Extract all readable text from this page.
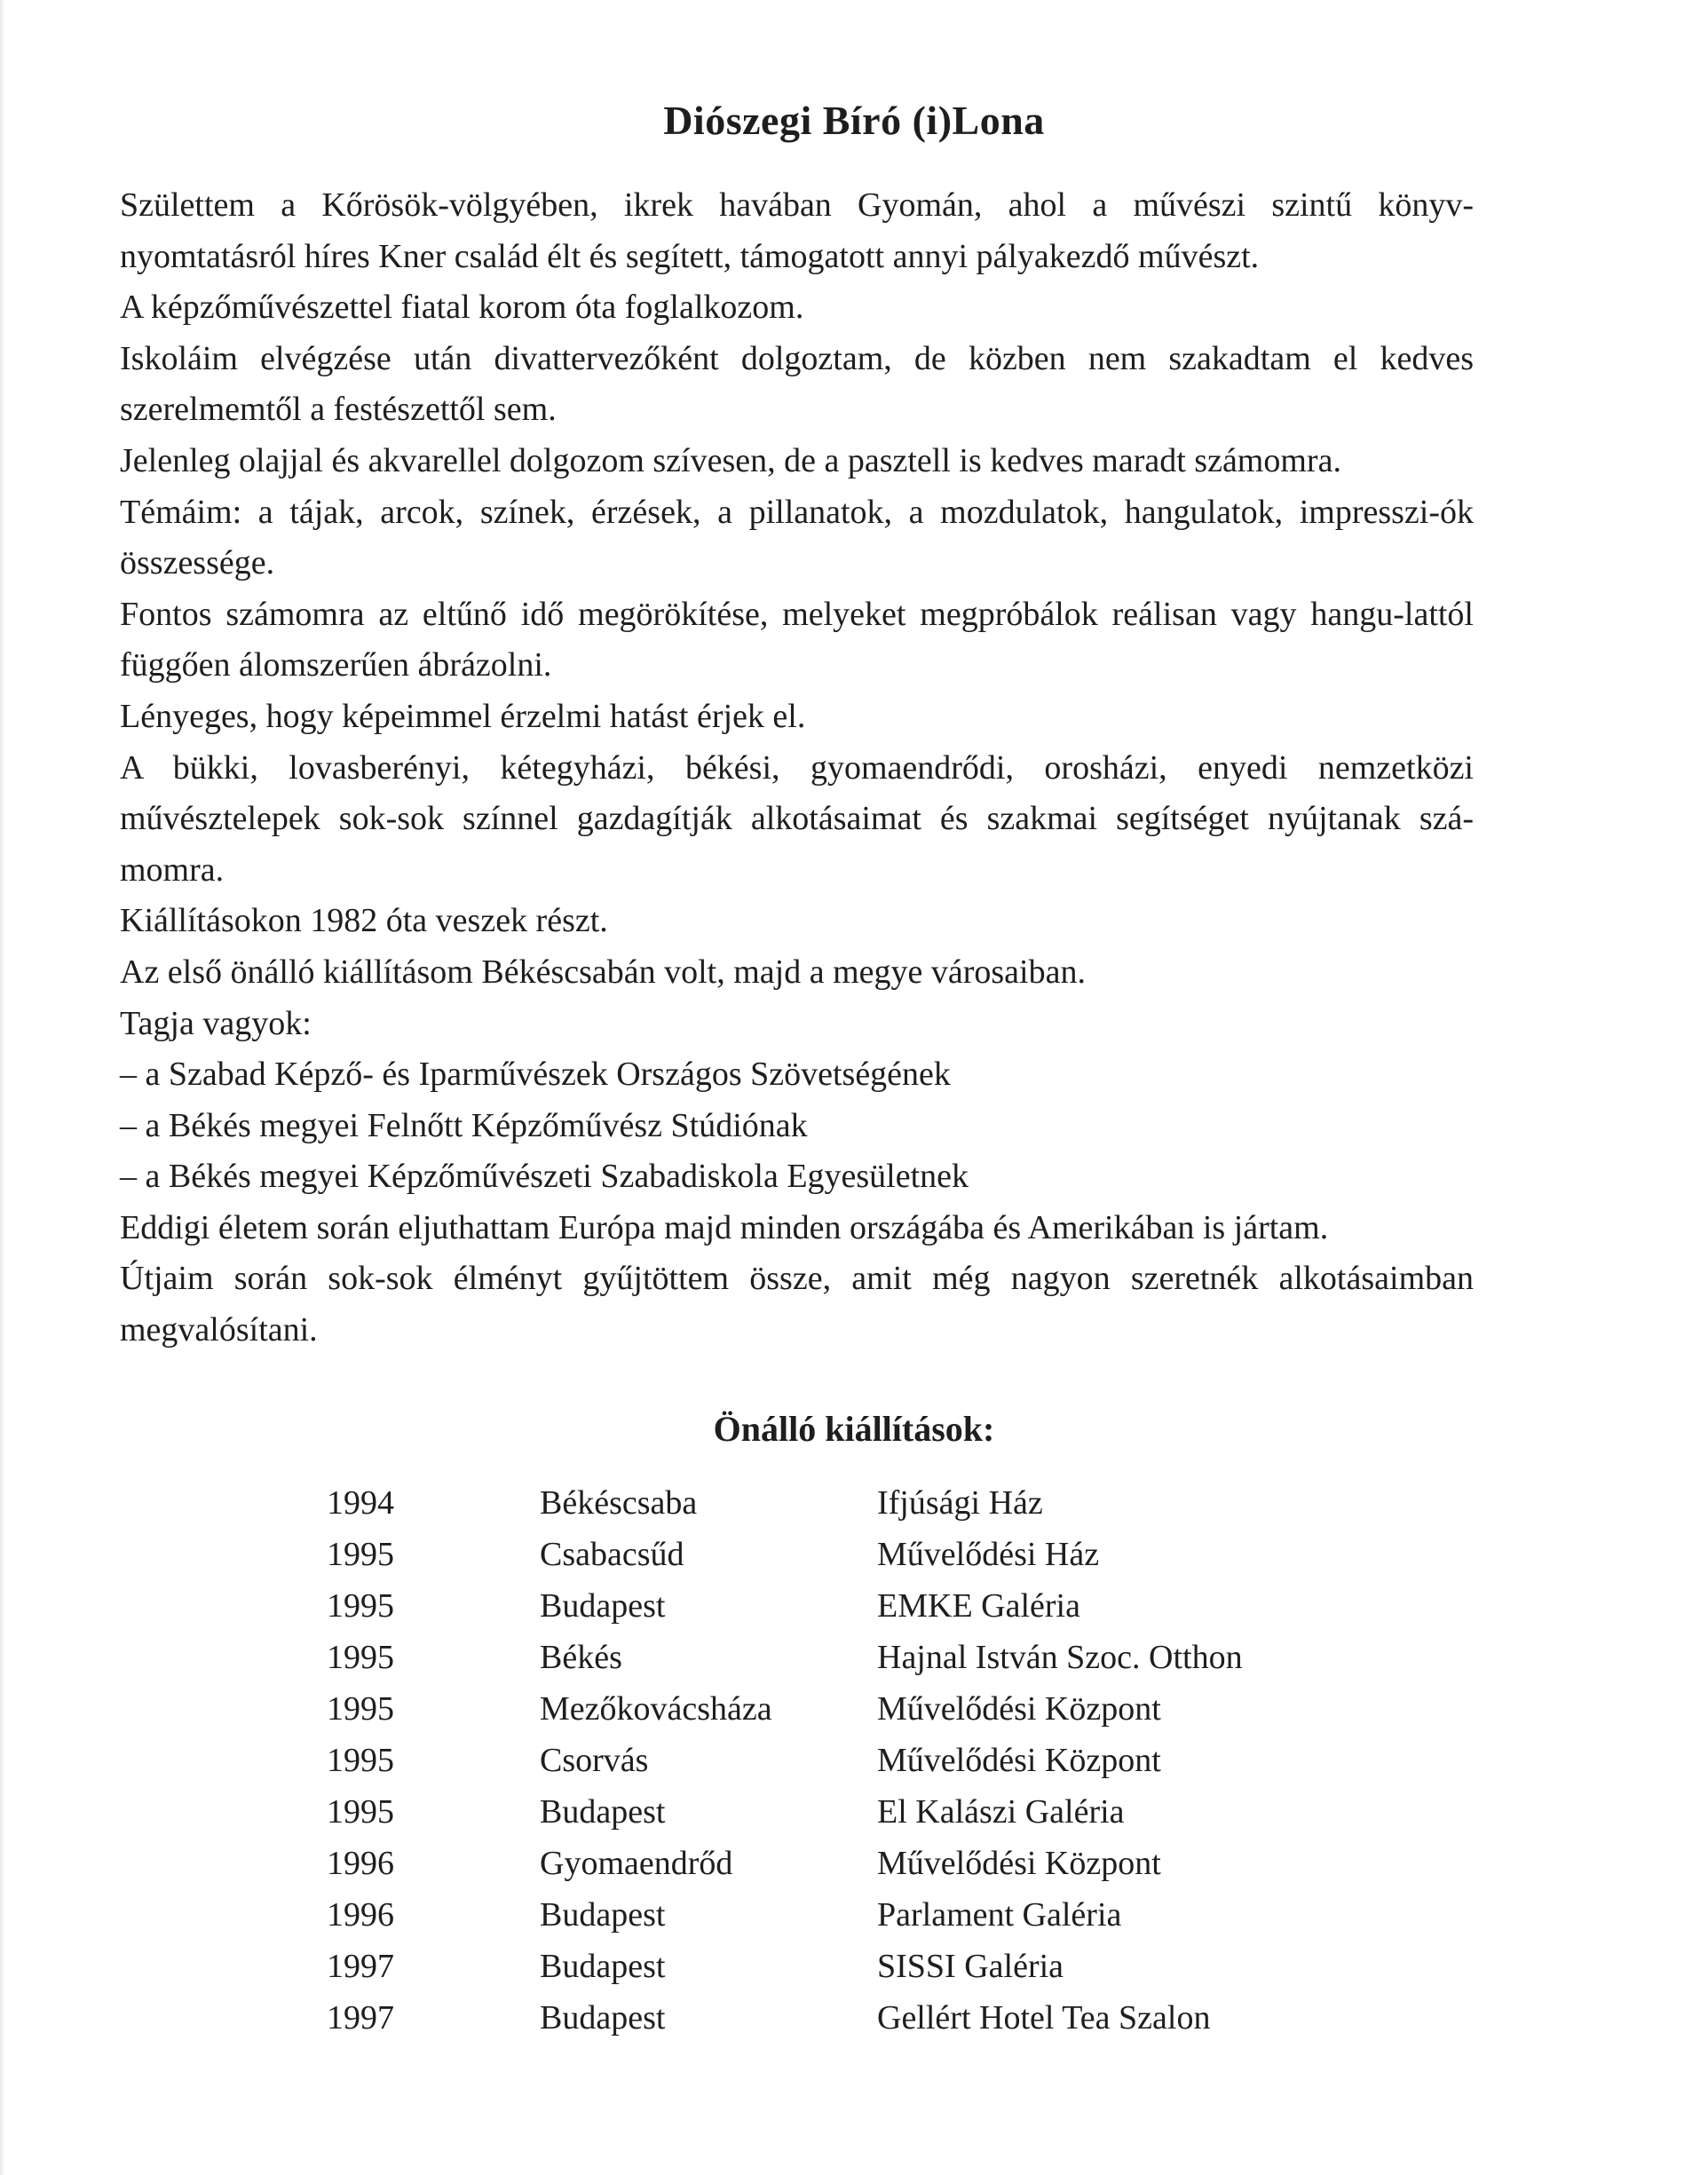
Diószegi Bíró (i)Lona

Születtem a Kőrösök-völgyében, ikrek havában Gyomán, ahol a művészi szintű könyv-nyomtatásról híres Kner család élt és segített, támogatott annyi pályakezdő művészt.

A képzőművészettel fiatal korom óta foglalkozom.

Iskoláim elvégzése után divattervezőként dolgoztam, de közben nem szakadtam el kedves szerelmemtől a festészettől sem.

Jelenleg olajjal és akvarellel dolgozom szívesen, de a pasztell is kedves maradt számomra.

Témáim: a tájak, arcok, színek, érzések, a pillanatok, a mozdulatok, hangulatok, impresszi-ók összessége.

Fontos számomra az eltűnő idő megörökítése, melyeket megpróbálok reálisan vagy hangu-lattól függően álomszerűen ábrázolni.

Lényeges, hogy képeimmel érzelmi hatást érjek el.

A bükki, lovasberényi, kétegyházi, békési, gyomaendrődi, orosházi, enyedi nemzetközi művésztelepek sok-sok színnel gazdagítják alkotásaimat és szakmai segítséget nyújtanak szá-momra.

Kiállításokon 1982 óta veszek részt.

Az első önálló kiállításom Békéscsabán volt, majd a megye városaiban.

Tagja vagyok:

– a Szabad Képző- és Iparművészek Országos Szövetségének

– a Békés megyei Felnőtt Képzőművész Stúdiónak

– a Békés megyei Képzőművészeti Szabadiskola Egyesületnek

Eddigi életem során eljuthattam Európa majd minden országába és Amerikában is jártam.

Útjaim során sok-sok élményt gyűjtöttem össze, amit még nagyon szeretnék alkotásaimban megvalósítani.

Önálló kiállítások:
1994	Békéscsaba	Ifjúsági Ház
1995	Csabacsűd	Művelődési Ház
1995	Budapest	EMKE Galéria
1995	Békés	Hajnal István Szoc. Otthon
1995	Mezőkovácsháza	Művelődési Központ
1995	Csorvás	Művelődési Központ
1995	Budapest	El Kalászi Galéria
1996	Gyomaendrőd	Művelődési Központ
1996	Budapest	Parlament Galéria
1997	Budapest	SISSI Galéria
1997	Budapest	Gellért Hotel Tea Szalon
